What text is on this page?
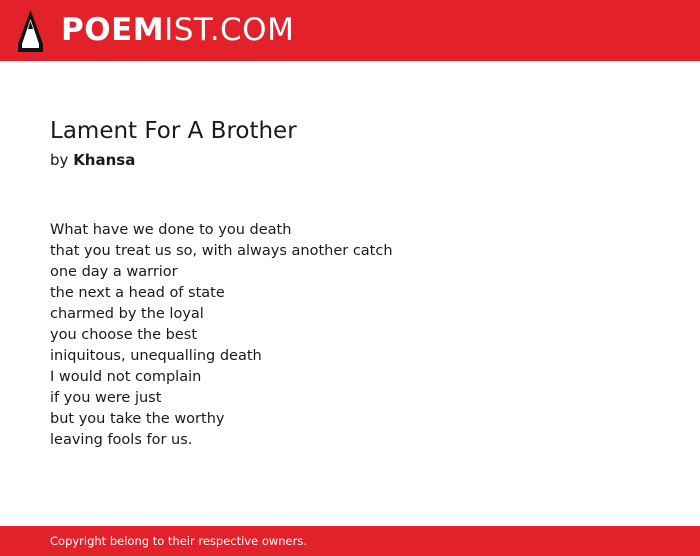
POEMIST.COM
Lament For A Brother
by Khansa
What have we done to you death
that you treat us so, with always another catch
one day a warrior
the next a head of state
charmed by the loyal
you choose the best
iniquitous, unequalling death
I would not complain
if you were just
but you take the worthy
leaving fools for us.
Copyright belong to their respective owners.
